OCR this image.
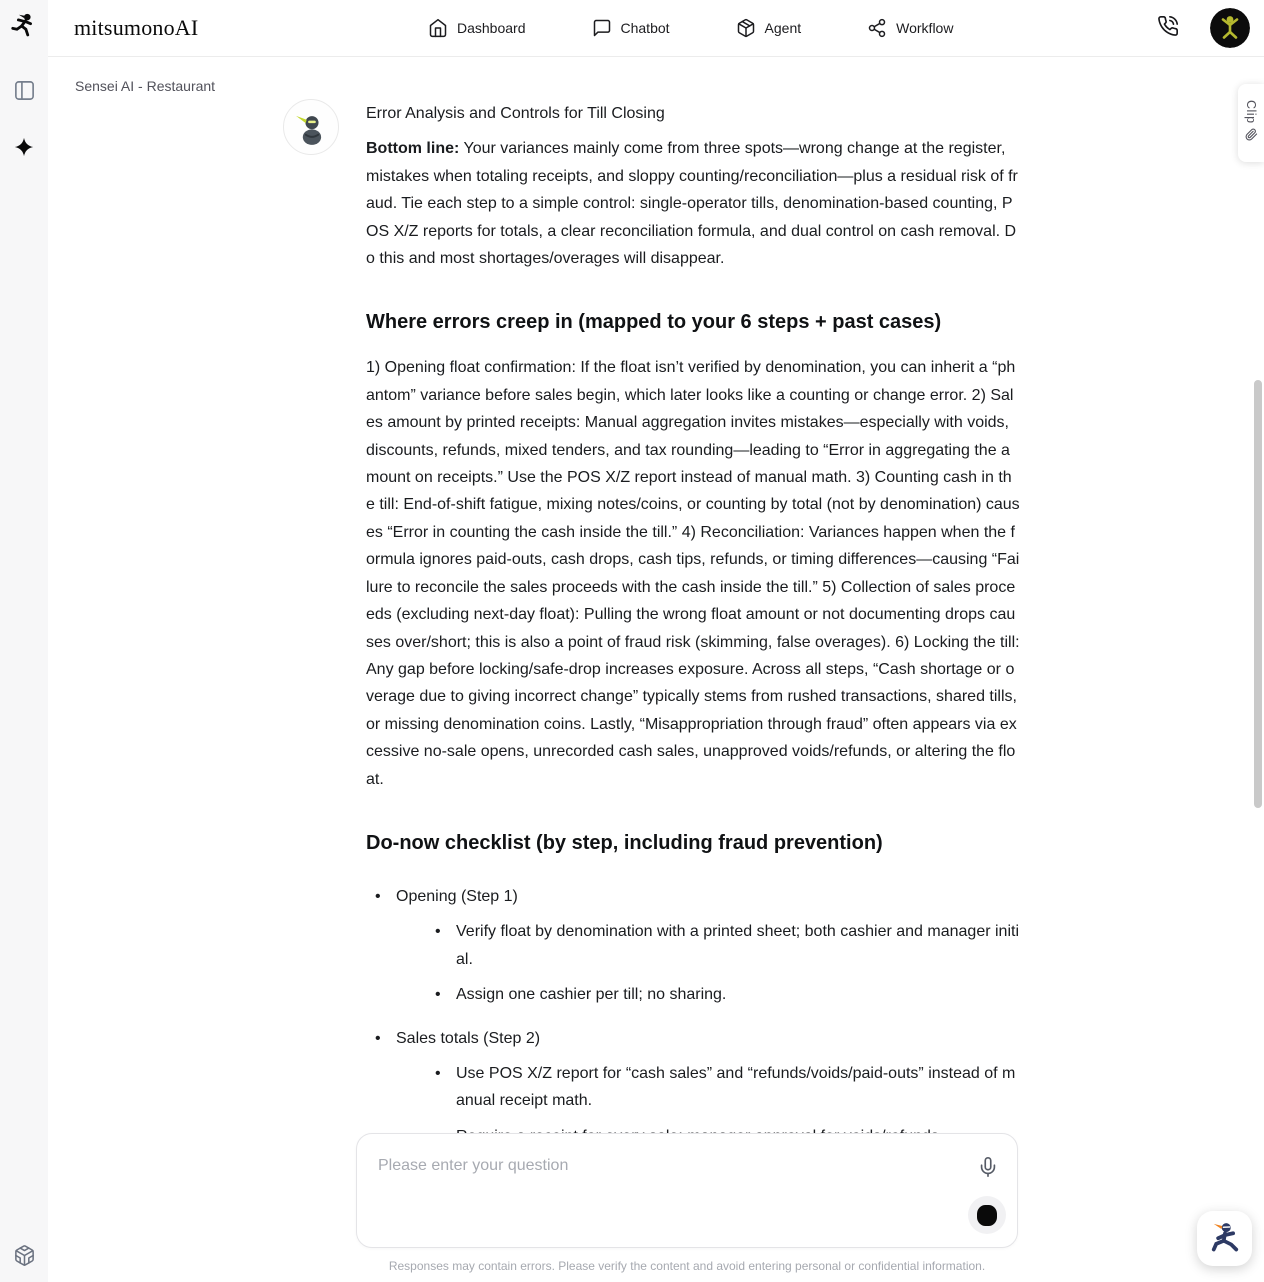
mitsumonoAI	Dashboard	Chatbot	Agent	Workflow
Sensei AI - Restaurant

Error Analysis and Controls for Till Closing

Bottom line: Your variances mainly come from three spots—wrong change at the register, mistakes when totaling receipts, and sloppy counting/reconciliation—plus a residual risk of fraud. Tie each step to a simple control: single-operator tills, denomination-based counting, POS X/Z reports for totals, a clear reconciliation formula, and dual control on cash removal. Do this and most shortages/overages will disappear.

Where errors creep in (mapped to your 6 steps + past cases)

1) Opening float confirmation: If the float isn’t verified by denomination, you can inherit a “phantom” variance before sales begin, which later looks like a counting or change error. 2) Sales amount by printed receipts: Manual aggregation invites mistakes—especially with voids, discounts, refunds, mixed tenders, and tax rounding—leading to “Error in aggregating the amount on receipts.” Use the POS X/Z report instead of manual math. 3) Counting cash in the till: End-of-shift fatigue, mixing notes/coins, or counting by total (not by denomination) causes “Error in counting the cash inside the till.” 4) Reconciliation: Variances happen when the formula ignores paid-outs, cash drops, cash tips, refunds, or timing differences—causing “Failure to reconcile the sales proceeds with the cash inside the till.” 5) Collection of sales proceeds (excluding next-day float): Pulling the wrong float amount or not documenting drops causes over/short; this is also a point of fraud risk (skimming, false overages). 6) Locking the till: Any gap before locking/safe-drop increases exposure. Across all steps, “Cash shortage or overage due to giving incorrect change” typically stems from rushed transactions, shared tills, or missing denomination coins. Lastly, “Misappropriation through fraud” often appears via excessive no-sale opens, unrecorded cash sales, unapproved voids/refunds, or altering the float.

Do-now checklist (by step, including fraud prevention)
• Opening (Step 1)
• Verify float by denomination with a printed sheet; both cashier and manager initial.
• Assign one cashier per till; no sharing.
• Sales totals (Step 2)
• Use POS X/Z report for “cash sales” and “refunds/voids/paid-outs” instead of manual receipt math.
•
Clip
Please enter your question
Responses may contain errors. Please verify the content and avoid entering personal or confidential information.
